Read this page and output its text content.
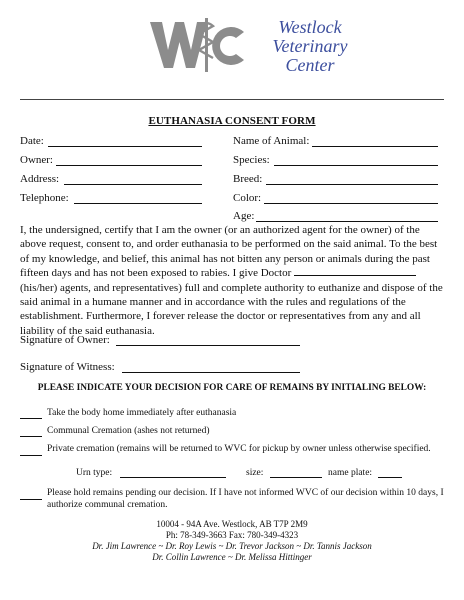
Westlock
Veterinary
Center
EUTHANASIA CONSENT FORM
Date:
Owner:
Address:
Telephone:
Name of Animal:
Species:
Breed:
Color:
Age:
I, the undersigned, certify that I am the owner (or an authorized agent for the owner) of the above request, consent to, and order euthanasia to be performed on the said animal. To the best of my knowledge, and belief, this animal has not bitten any person or animals during the past fifteen days and has not been exposed to rabies. I give Doctor  (his/her) agents, and representatives) full and complete authority to euthanize and dispose of the said animal in a humane manner and in accordance with the rules and regulations of the establishment. Furthermore, I forever release the doctor or representatives from any and all liability of the said euthanasia.
Signature of Owner:
Signature of Witness:
PLEASE INDICATE YOUR DECISION FOR CARE OF REMAINS BY INITIALING BELOW:
Take the body home immediately after euthanasia
Communal Cremation (ashes not returned)
Private cremation (remains will be returned to WVC for pickup by owner unless otherwise specified.
Urn type:	size:	name plate:
Please hold remains pending our decision. If I have not informed WVC of our decision within 10 days, I authorize communal cremation.
10004 - 94A Ave. Westlock, AB T7P 2M9
Ph: 78-349-3663 Fax: 780-349-4323
Dr. Jim Lawrence ~ Dr. Roy Lewis ~ Dr. Trevor Jackson ~ Dr. Tannis Jackson
Dr. Collin Lawrence ~ Dr. Melissa Hittinger
